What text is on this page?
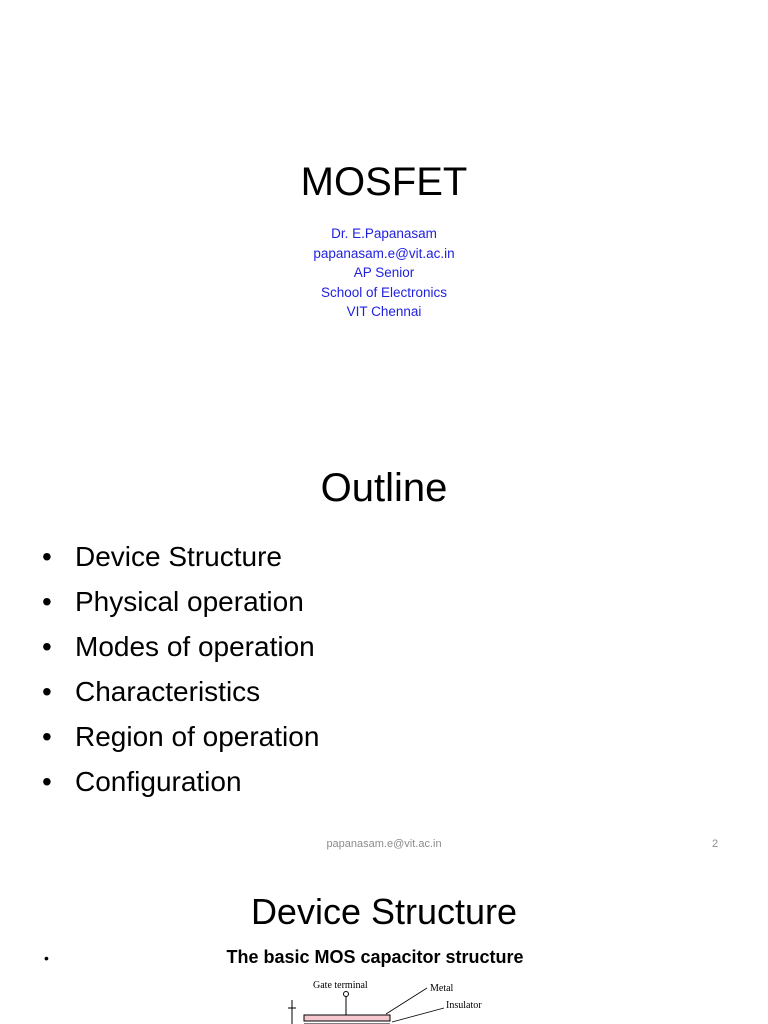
MOSFET
Dr. E.Papanasam
papanasam.e@vit.ac.in
AP Senior
School of Electronics
VIT Chennai
Outline
• Device Structure
• Physical operation
• Modes of operation
• Characteristics
• Region of operation
• Configuration
papanasam.e@vit.ac.in	2
Device Structure
•	The basic MOS capacitor structure
Gate terminal	Metal
Insulator
